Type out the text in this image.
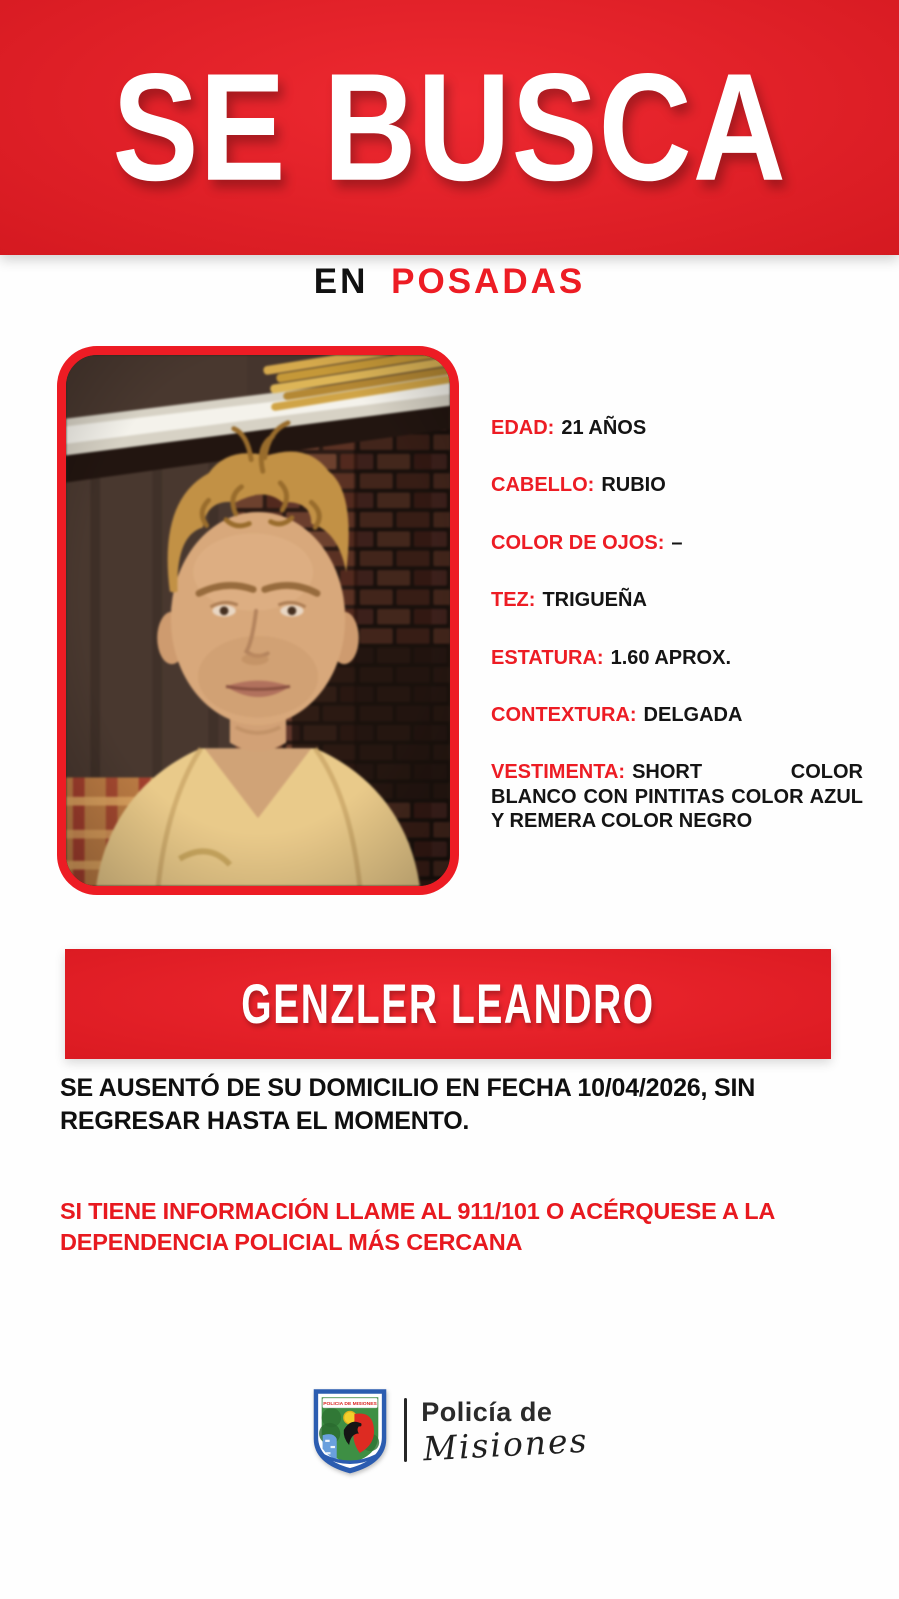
SE BUSCA
EN POSADAS

EDAD: 21 AÑOS

CABELLO: RUBIO

COLOR DE OJOS: –

TEZ: TRIGUEÑA

ESTATURA: 1.60 APROX.

CONTEXTURA: DELGADA

VESTIMENTA: SHORT COLOR BLANCO CON PINTITAS COLOR AZUL Y REMERA COLOR NEGRO

GENZLER LEANDRO

SE AUSENTÓ DE SU DOMICILIO EN FECHA 10/04/2026, SIN REGRESAR HASTA EL MOMENTO.

SI TIENE INFORMACIÓN LLAME AL 911/101 O ACÉRQUESE A LA DEPENDENCIA POLICIAL MÁS CERCANA

POLICIA DE MISIONES Policía de
Misiones
